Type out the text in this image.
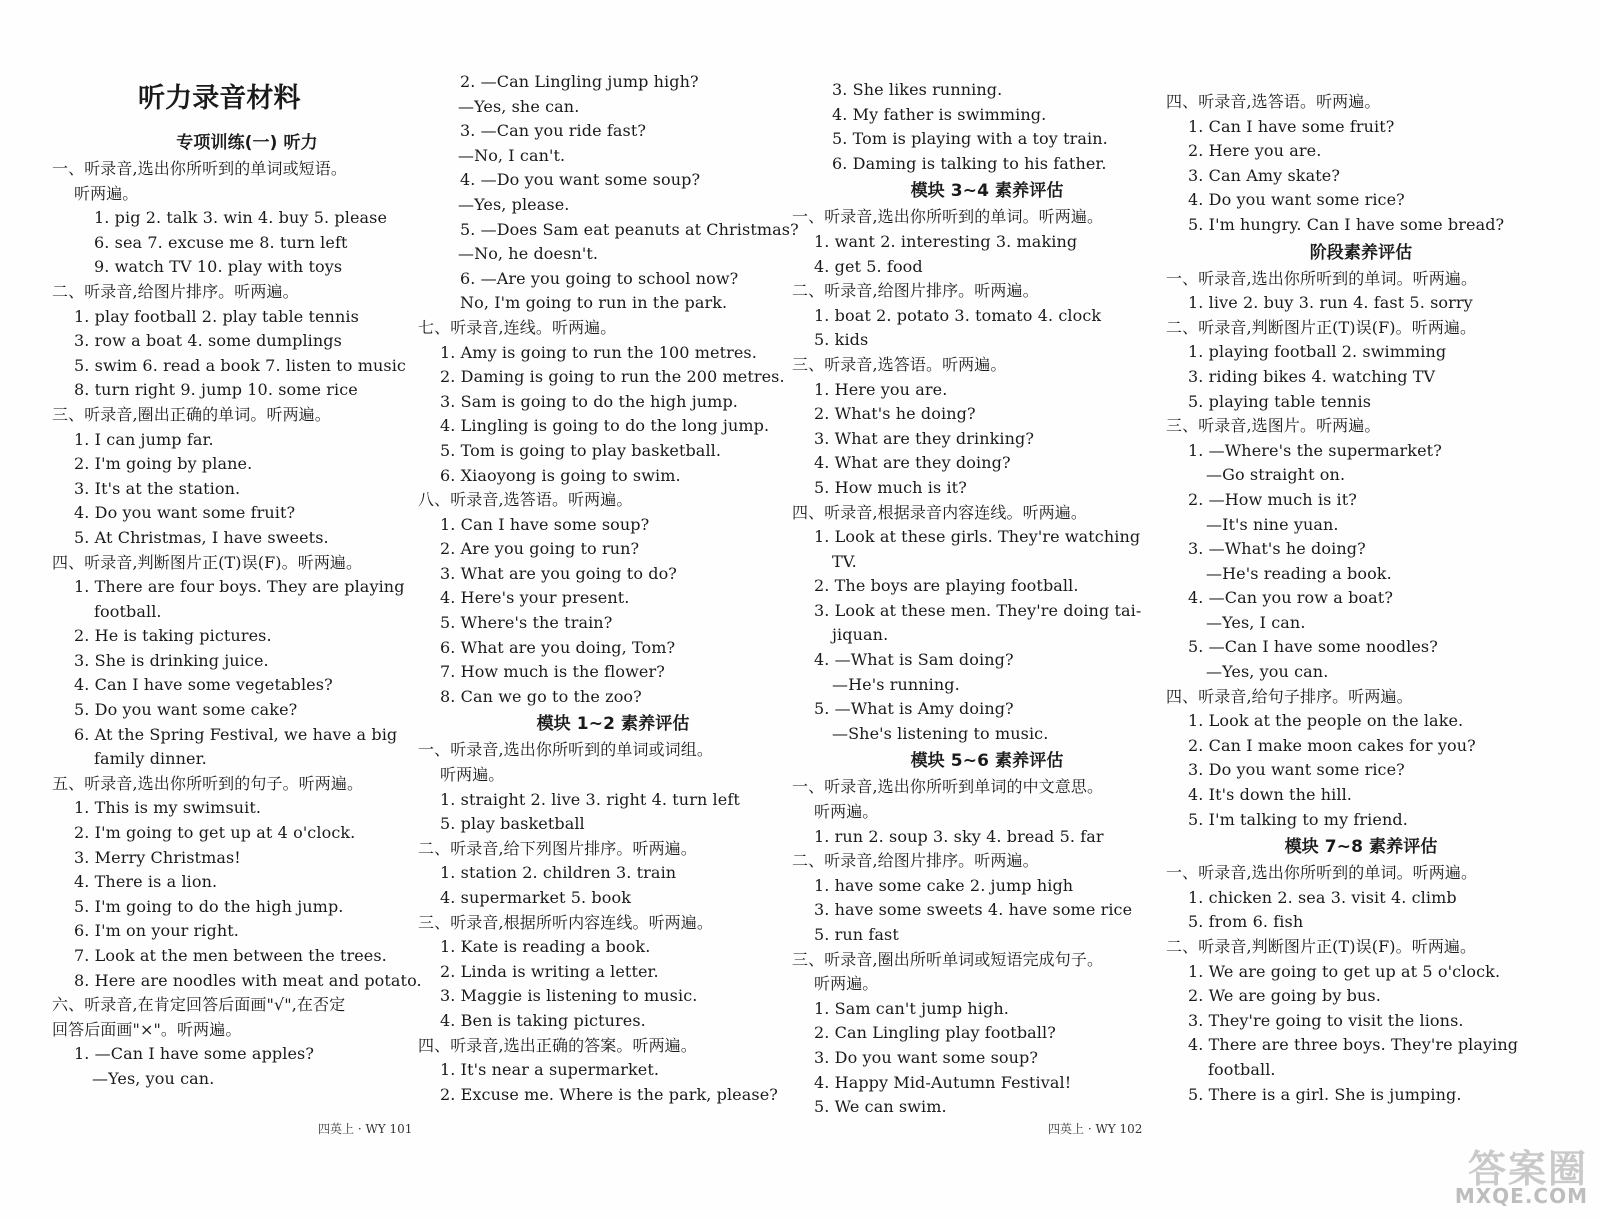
听力录音材料
专项训练(一) 听力
一、听录音,选出你所听到的单词或短语。
听两遍。
1. pig 2. talk 3. win 4. buy 5. please
6. sea 7. excuse me 8. turn left
9. watch TV 10. play with toys
二、听录音,给图片排序。听两遍。
1. play football 2. play table tennis
3. row a boat 4. some dumplings
5. swim 6. read a book 7. listen to music
8. turn right 9. jump 10. some rice
三、听录音,圈出正确的单词。听两遍。
1. I can jump far.
2. I'm going by plane.
3. It's at the station.
4. Do you want some fruit?
5. At Christmas, I have sweets.
四、听录音,判断图片正(T)误(F)。听两遍。
1. There are four boys. They are playing
football.
2. He is taking pictures.
3. She is drinking juice.
4. Can I have some vegetables?
5. Do you want some cake?
6. At the Spring Festival, we have a big
family dinner.
五、听录音,选出你所听到的句子。听两遍。
1. This is my swimsuit.
2. I'm going to get up at 4 o'clock.
3. Merry Christmas!
4. There is a lion.
5. I'm going to do the high jump.
6. I'm on your right.
7. Look at the men between the trees.
8. Here are noodles with meat and potato.
六、听录音,在肯定回答后面画"√",在否定
回答后面画"×"。听两遍。
1. —Can I have some apples?
—Yes, you can.
2. —Can Lingling jump high?
—Yes, she can.
3. —Can you ride fast?
—No, I can't.
4. —Do you want some soup?
—Yes, please.
5. —Does Sam eat peanuts at Christmas?
—No, he doesn't.
6. —Are you going to school now?
No, I'm going to run in the park.
七、听录音,连线。听两遍。
1. Amy is going to run the 100 metres.
2. Daming is going to run the 200 metres.
3. Sam is going to do the high jump.
4. Lingling is going to do the long jump.
5. Tom is going to play basketball.
6. Xiaoyong is going to swim.
八、听录音,选答语。听两遍。
1. Can I have some soup?
2. Are you going to run?
3. What are you going to do?
4. Here's your present.
5. Where's the train?
6. What are you doing, Tom?
7. How much is the flower?
8. Can we go to the zoo?
模块 1~2 素养评估
一、听录音,选出你所听到的单词或词组。
听两遍。
1. straight 2. live 3. right 4. turn left
5. play basketball
二、听录音,给下列图片排序。听两遍。
1. station 2. children 3. train
4. supermarket 5. book
三、听录音,根据所听内容连线。听两遍。
1. Kate is reading a book.
2. Linda is writing a letter.
3. Maggie is listening to music.
4. Ben is taking pictures.
四、听录音,选出正确的答案。听两遍。
1. It's near a supermarket.
2. Excuse me. Where is the park, please?
3. She likes running.
4. My father is swimming.
5. Tom is playing with a toy train.
6. Daming is talking to his father.
模块 3~4 素养评估
一、听录音,选出你所听到的单词。听两遍。
1. want 2. interesting 3. making
4. get 5. food
二、听录音,给图片排序。听两遍。
1. boat 2. potato 3. tomato 4. clock
5. kids
三、听录音,选答语。听两遍。
1. Here you are.
2. What's he doing?
3. What are they drinking?
4. What are they doing?
5. How much is it?
四、听录音,根据录音内容连线。听两遍。
1. Look at these girls. They're watching
TV.
2. The boys are playing football.
3. Look at these men. They're doing tai-
jiquan.
4. —What is Sam doing?
—He's running.
5. —What is Amy doing?
—She's listening to music.
模块 5~6 素养评估
一、听录音,选出你所听到单词的中文意思。
听两遍。
1. run 2. soup 3. sky 4. bread 5. far
二、听录音,给图片排序。听两遍。
1. have some cake 2. jump high
3. have some sweets 4. have some rice
5. run fast
三、听录音,圈出所听单词或短语完成句子。
听两遍。
1. Sam can't jump high.
2. Can Lingling play football?
3. Do you want some soup?
4. Happy Mid-Autumn Festival!
5. We can swim.
四、听录音,选答语。听两遍。
1. Can I have some fruit?
2. Here you are.
3. Can Amy skate?
4. Do you want some rice?
5. I'm hungry. Can I have some bread?
阶段素养评估
一、听录音,选出你所听到的单词。听两遍。
1. live 2. buy 3. run 4. fast 5. sorry
二、听录音,判断图片正(T)误(F)。听两遍。
1. playing football 2. swimming
3. riding bikes 4. watching TV
5. playing table tennis
三、听录音,选图片。听两遍。
1. —Where's the supermarket?
—Go straight on.
2. —How much is it?
—It's nine yuan.
3. —What's he doing?
—He's reading a book.
4. —Can you row a boat?
—Yes, I can.
5. —Can I have some noodles?
—Yes, you can.
四、听录音,给句子排序。听两遍。
1. Look at the people on the lake.
2. Can I make moon cakes for you?
3. Do you want some rice?
4. It's down the hill.
5. I'm talking to my friend.
模块 7~8 素养评估
一、听录音,选出你所听到的单词。听两遍。
1. chicken 2. sea 3. visit 4. climb
5. from 6. fish
二、听录音,判断图片正(T)误(F)。听两遍。
1. We are going to get up at 5 o'clock.
2. We are going by bus.
3. They're going to visit the lions.
4. There are three boys. They're playing
football.
5. There is a girl. She is jumping.
四英上 · WY 101	四英上 · WY 102
答案圈
MXQE.COM
